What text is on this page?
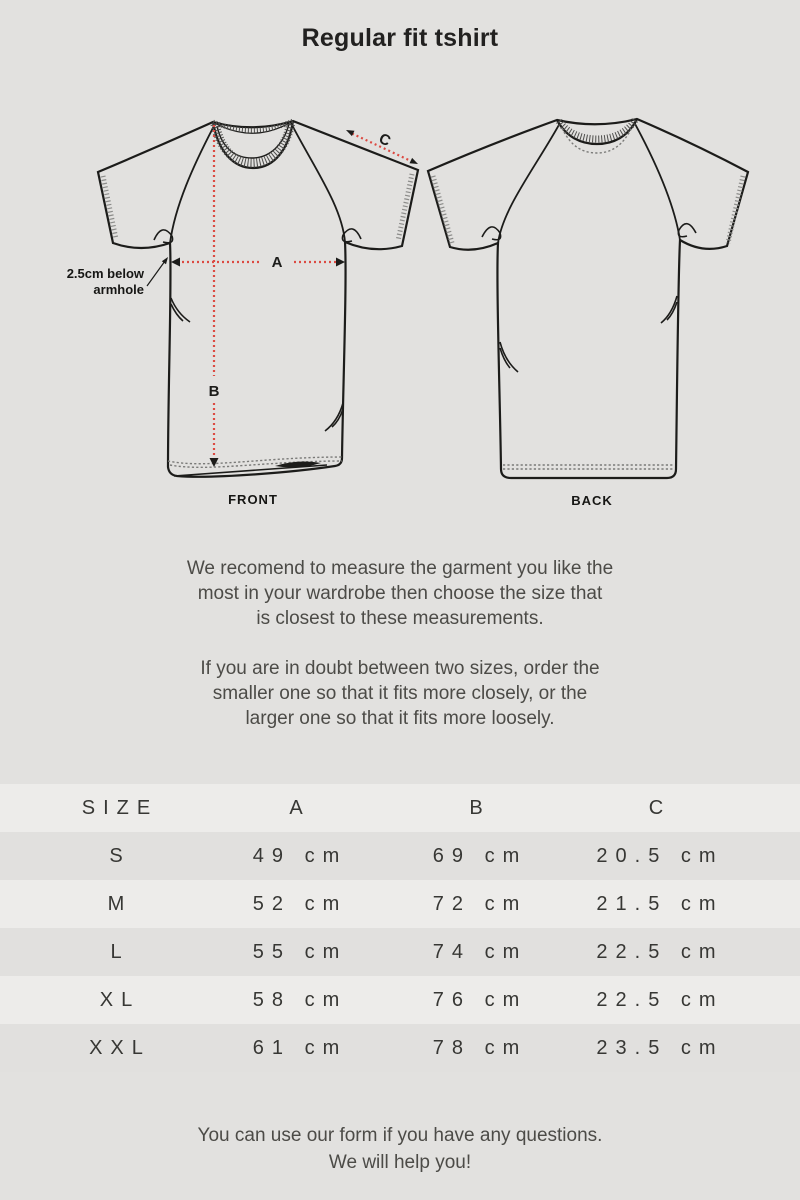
Regular fit tshirt
B
A
C
2.5cm below
armhole
FRONT	BACK
We recomend to measure the garment you like the
most in your wardrobe then choose the size that
is closest to these measurements.
If you are in doubt between two sizes, order the
smaller one so that it fits more closely, or the
larger one so that it fits more loosely.
SIZE	A	B	C
S	49 cm	69 cm	20.5 cm
M	52 cm	72 cm	21.5 cm
L	55 cm	74 cm	22.5 cm
XL	58 cm	76 cm	22.5 cm
XXL	61 cm	78 cm	23.5 cm
You can use our form if you have any questions.
We will help you!
